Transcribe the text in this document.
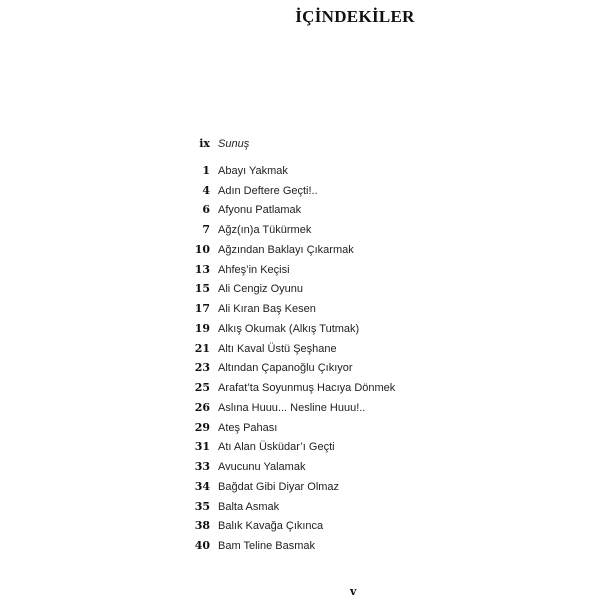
İÇİNDEKİLER
ix Sunuş
1 Abayı Yakmak
4 Adın Deftere Geçti!..
6 Afyonu Patlamak
7 Ağz(ın)a Tükürmek
10 Ağzından Baklayı Çıkarmak
13 Ahfeş’in Keçisi
15 Ali Cengiz Oyunu
17 Ali Kıran Baş Kesen
19 Alkış Okumak (Alkış Tutmak)
21 Altı Kaval Üstü Şeşhane
23 Altından Çapanoğlu Çıkıyor
25 Arafat’ta Soyunmuş Hacıya Dönmek
26 Aslına Huuu... Nesline Huuu!..
29 Ateş Pahası
31 Atı Alan Üsküdar’ı Geçti
33 Avucunu Yalamak
34 Bağdat Gibi Diyar Olmaz
35 Balta Asmak
38 Balık Kavağa Çıkınca
40 Bam Teline Basmak
v
